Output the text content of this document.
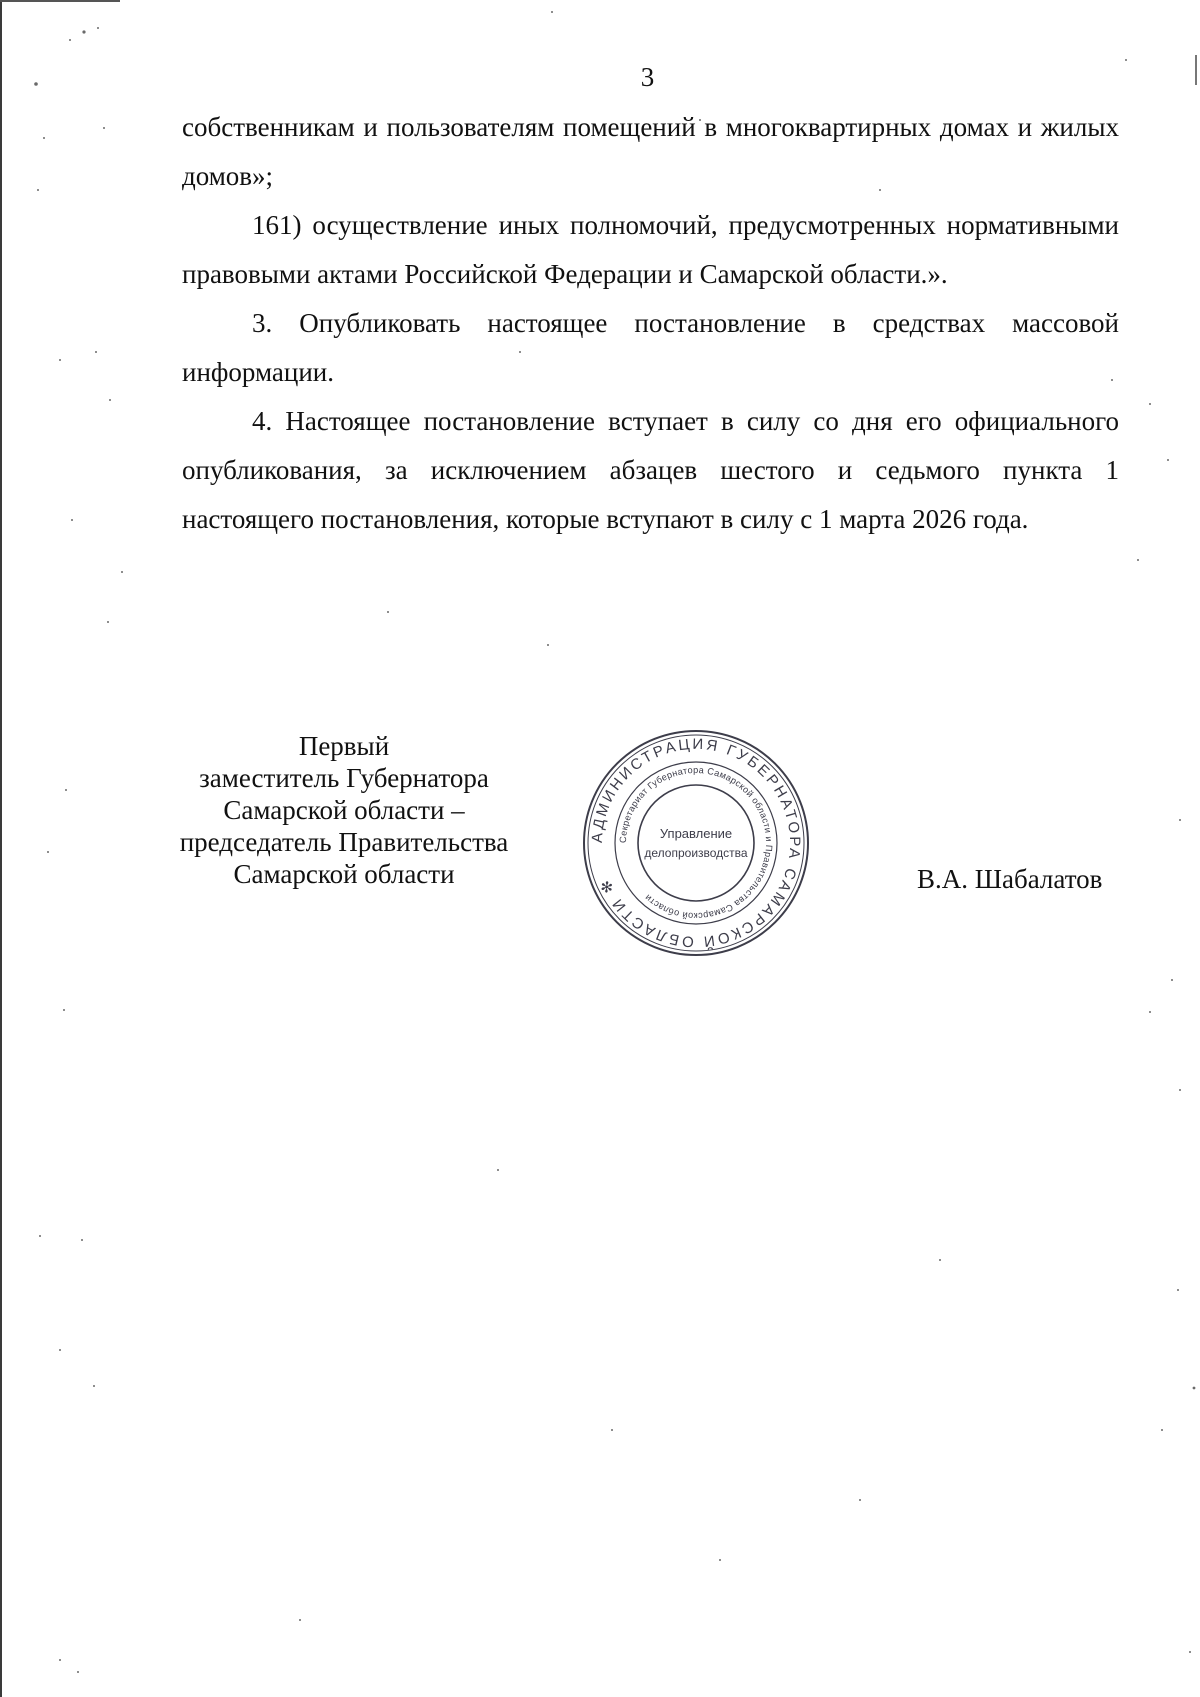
3

собственникам и пользователям помещений в многоквартирных домах и жилых домов»;

161) осуществление иных полномочий, предусмотренных нормативными правовыми актами Российской Федерации и Самарской области.».

3. Опубликовать настоящее постановление в средствах массовой информации.

4. Настоящее постановление вступает в силу со дня его официального опубликования, за исключением абзацев шестого и седьмого пункта 1 настоящего постановления, которые вступают в силу с 1 марта 2026 года.

Первый
заместитель Губернатора
Самарской области –
председатель Правительства
Самарской области
АДМИНИСТРАЦИЯ ГУБЕРНАТОРА САМАРСКОЙ ОБЛАСТИ ✻
Секретариат Губернатора Самарской области и Правительства Самарской области
Управление
делопроизводства
В.А. Шабалатов
